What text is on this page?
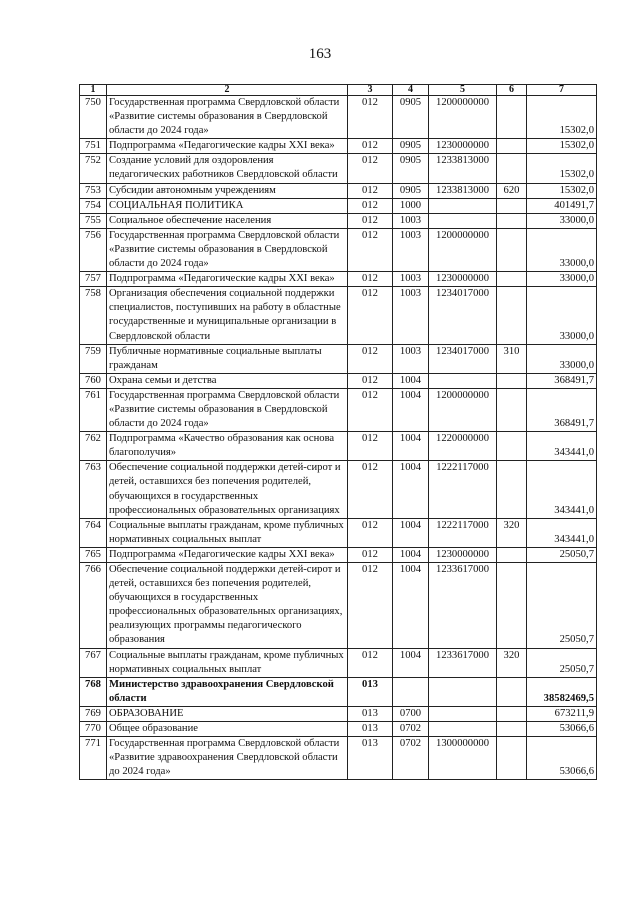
163
1	2	3	4	5	6	7
750	Государственная программа Свердловской области «Развитие системы образования в Свердловской области до 2024 года»	012	0905	1200000000		15302,0
751	Подпрограмма «Педагогические кадры XXI века»	012	0905	1230000000		15302,0
752	Создание условий для оздоровления педагогических работников Свердловской области	012	0905	1233813000		15302,0
753	Субсидии автономным учреждениям	012	0905	1233813000	620	15302,0
754	СОЦИАЛЬНАЯ ПОЛИТИКА	012	1000			401491,7
755	Социальное обеспечение населения	012	1003			33000,0
756	Государственная программа Свердловской области «Развитие системы образования в Свердловской области до 2024 года»	012	1003	1200000000		33000,0
757	Подпрограмма «Педагогические кадры XXI века»	012	1003	1230000000		33000,0
758	Организация обеспечения социальной поддержки специалистов, поступивших на работу в областные государственные и муниципальные организации в Свердловской области	012	1003	1234017000		33000,0
759	Публичные нормативные социальные выплаты гражданам	012	1003	1234017000	310	33000,0
760	Охрана семьи и детства	012	1004			368491,7
761	Государственная программа Свердловской области «Развитие системы образования в Свердловской области до 2024 года»	012	1004	1200000000		368491,7
762	Подпрограмма «Качество образования как основа благополучия»	012	1004	1220000000		343441,0
763	Обеспечение социальной поддержки детей-сирот и детей, оставшихся без попечения родителей, обучающихся в государственных профессиональных образовательных организациях	012	1004	1222117000		343441,0
764	Социальные выплаты гражданам, кроме публичных нормативных социальных выплат	012	1004	1222117000	320	343441,0
765	Подпрограмма «Педагогические кадры XXI века»	012	1004	1230000000		25050,7
766	Обеспечение социальной поддержки детей-сирот и детей, оставшихся без попечения родителей, обучающихся в государственных профессиональных образовательных организациях, реализующих программы педагогического образования	012	1004	1233617000		25050,7
767	Социальные выплаты гражданам, кроме публичных нормативных социальных выплат	012	1004	1233617000	320	25050,7
768	Министерство здравоохранения Свердловской области	013				38582469,5
769	ОБРАЗОВАНИЕ	013	0700			673211,9
770	Общее образование	013	0702			53066,6
771	Государственная программа Свердловской области «Развитие здравоохранения Свердловской области до 2024 года»	013	0702	1300000000		53066,6
